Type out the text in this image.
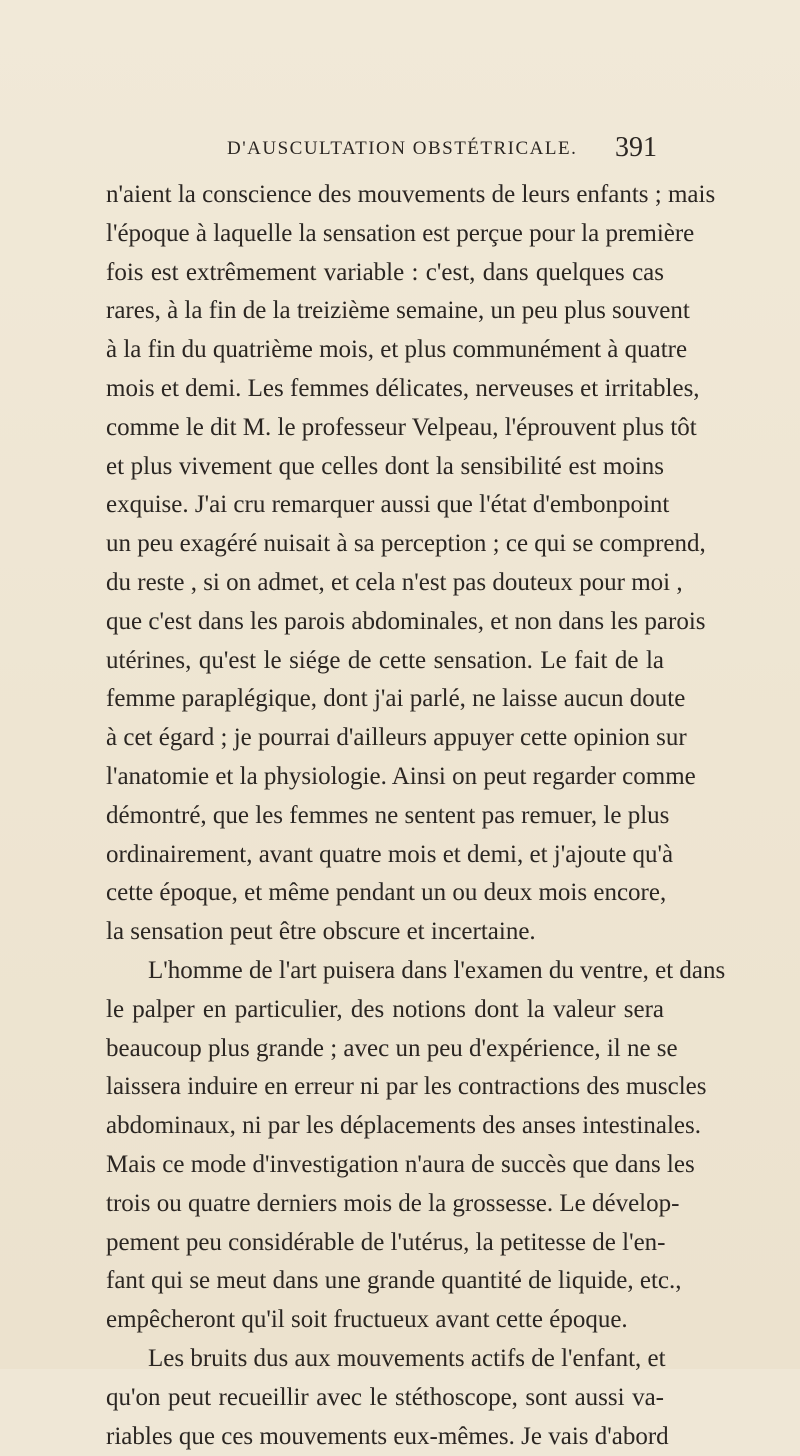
D'AUSCULTATION OBSTÉTRICALE. 391
n'aient la conscience des mouvements de leurs enfants ; mais
l'époque à laquelle la sensation est perçue pour la première
fois est extrêmement variable : c'est, dans quelques cas
rares, à la fin de la treizième semaine, un peu plus souvent
à la fin du quatrième mois, et plus communément à quatre
mois et demi. Les femmes délicates, nerveuses et irritables,
comme le dit M. le professeur Velpeau, l'éprouvent plus tôt
et plus vivement que celles dont la sensibilité est moins
exquise. J'ai cru remarquer aussi que l'état d'embonpoint
un peu exagéré nuisait à sa perception ; ce qui se comprend,
du reste , si on admet, et cela n'est pas douteux pour moi ,
que c'est dans les parois abdominales, et non dans les parois
utérines, qu'est le siége de cette sensation. Le fait de la
femme paraplégique, dont j'ai parlé, ne laisse aucun doute
à cet égard ; je pourrai d'ailleurs appuyer cette opinion sur
l'anatomie et la physiologie. Ainsi on peut regarder comme
démontré, que les femmes ne sentent pas remuer, le plus
ordinairement, avant quatre mois et demi, et j'ajoute qu'à
cette époque, et même pendant un ou deux mois encore,
la sensation peut être obscure et incertaine.
L'homme de l'art puisera dans l'examen du ventre, et dans
le palper en particulier, des notions dont la valeur sera
beaucoup plus grande ; avec un peu d'expérience, il ne se
laissera induire en erreur ni par les contractions des muscles
abdominaux, ni par les déplacements des anses intestinales.
Mais ce mode d'investigation n'aura de succès que dans les
trois ou quatre derniers mois de la grossesse. Le dévelop-
pement peu considérable de l'utérus, la petitesse de l'en-
fant qui se meut dans une grande quantité de liquide, etc.,
empêcheront qu'il soit fructueux avant cette époque.
Les bruits dus aux mouvements actifs de l'enfant, et
qu'on peut recueillir avec le stéthoscope, sont aussi va-
riables que ces mouvements eux-mêmes. Je vais d'abord
